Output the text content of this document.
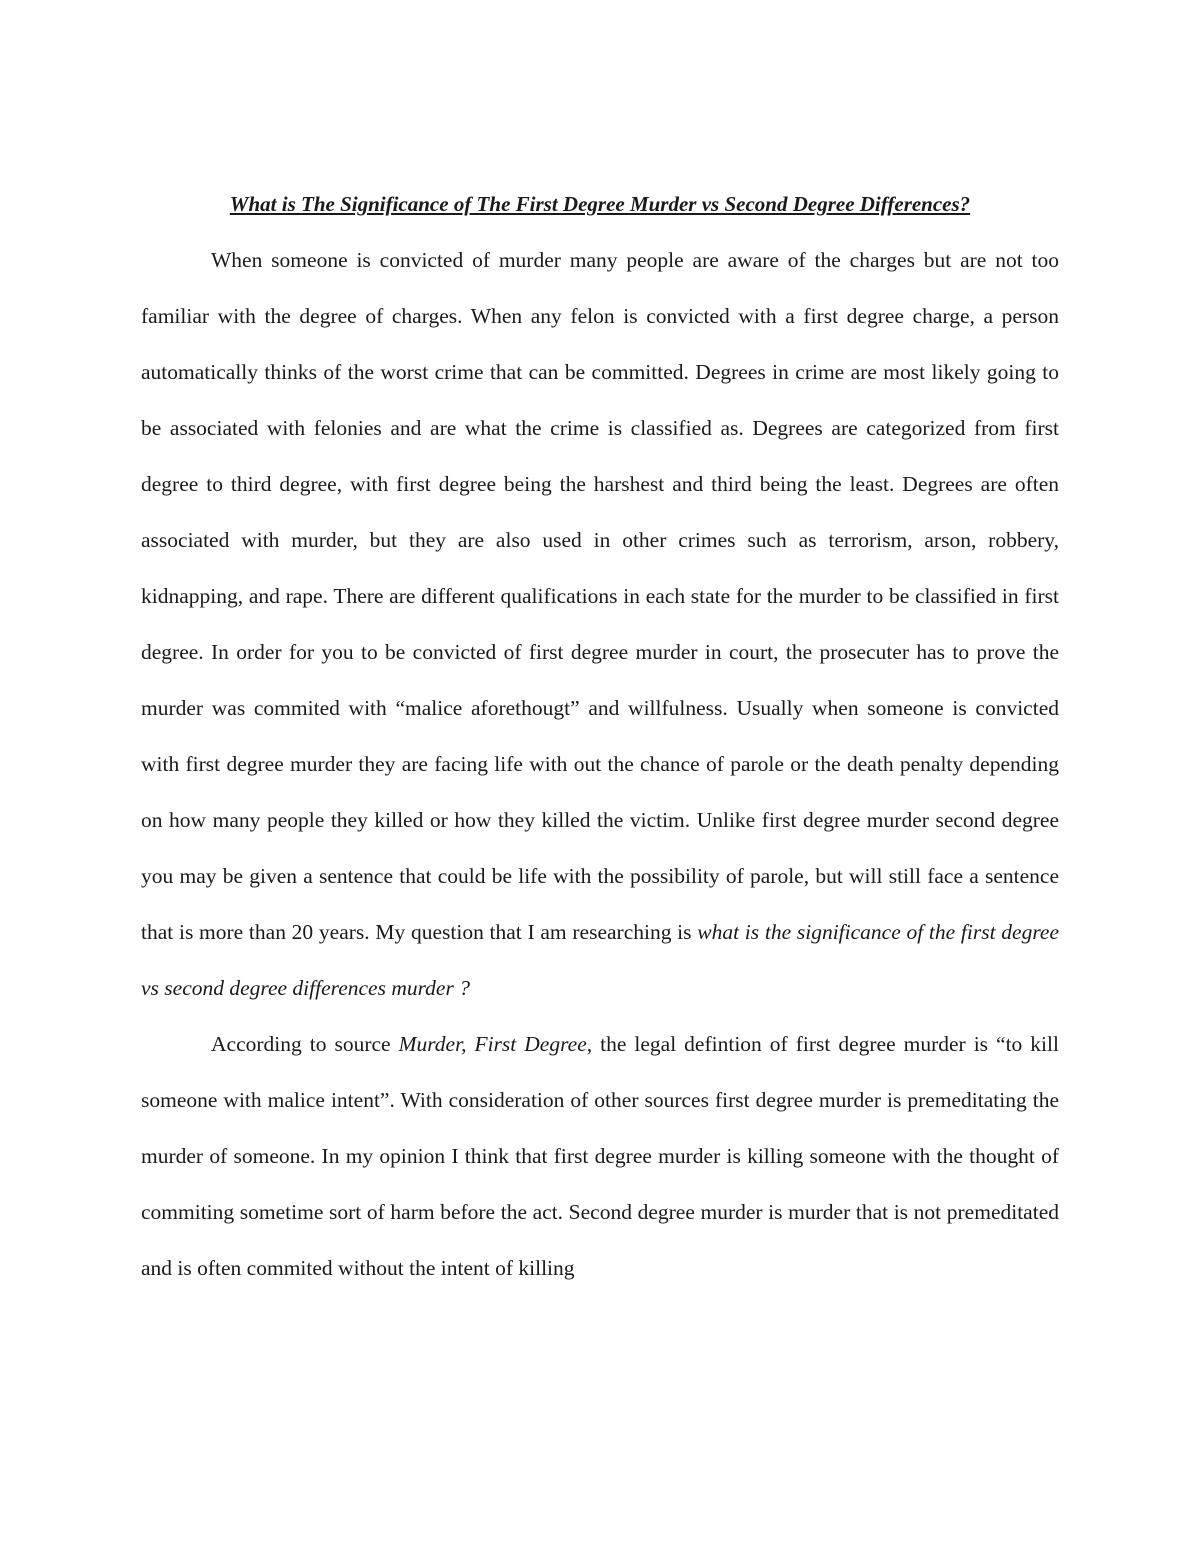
What is The Significance of The First Degree Murder vs Second Degree Differences?

When someone is convicted of murder many people are aware of the charges but are not too familiar with the degree of charges. When any felon is convicted with a first degree charge, a person automatically thinks of the worst crime that can be committed. Degrees in crime are most likely going to be associated with felonies and are what the crime is classified as. Degrees are categorized from first degree to third degree, with first degree being the harshest and third being the least. Degrees are often associated with murder, but they are also used in other crimes such as terrorism, arson, robbery, kidnapping, and rape. There are different qualifications in each state for the murder to be classified in first degree. In order for you to be convicted of first degree murder in court, the prosecuter has to prove the murder was commited with “malice aforethougt” and willfulness. Usually when someone is convicted with first degree murder they are facing life with out the chance of parole or the death penalty depending on how many people they killed or how they killed the victim. Unlike first degree murder second degree you may be given a sentence that could be life with the possibility of parole, but will still face a sentence that is more than 20 years. My question that I am researching is what is the significance of the first degree vs second degree differences murder ?

According to source Murder, First Degree, the legal defintion of first degree murder is “to kill someone with malice intent”. With consideration of other sources first degree murder is premeditating the murder of someone. In my opinion I think that first degree murder is killing someone with the thought of commiting sometime sort of harm before the act. Second degree murder is murder that is not premeditated and is often commited without the intent of killing
